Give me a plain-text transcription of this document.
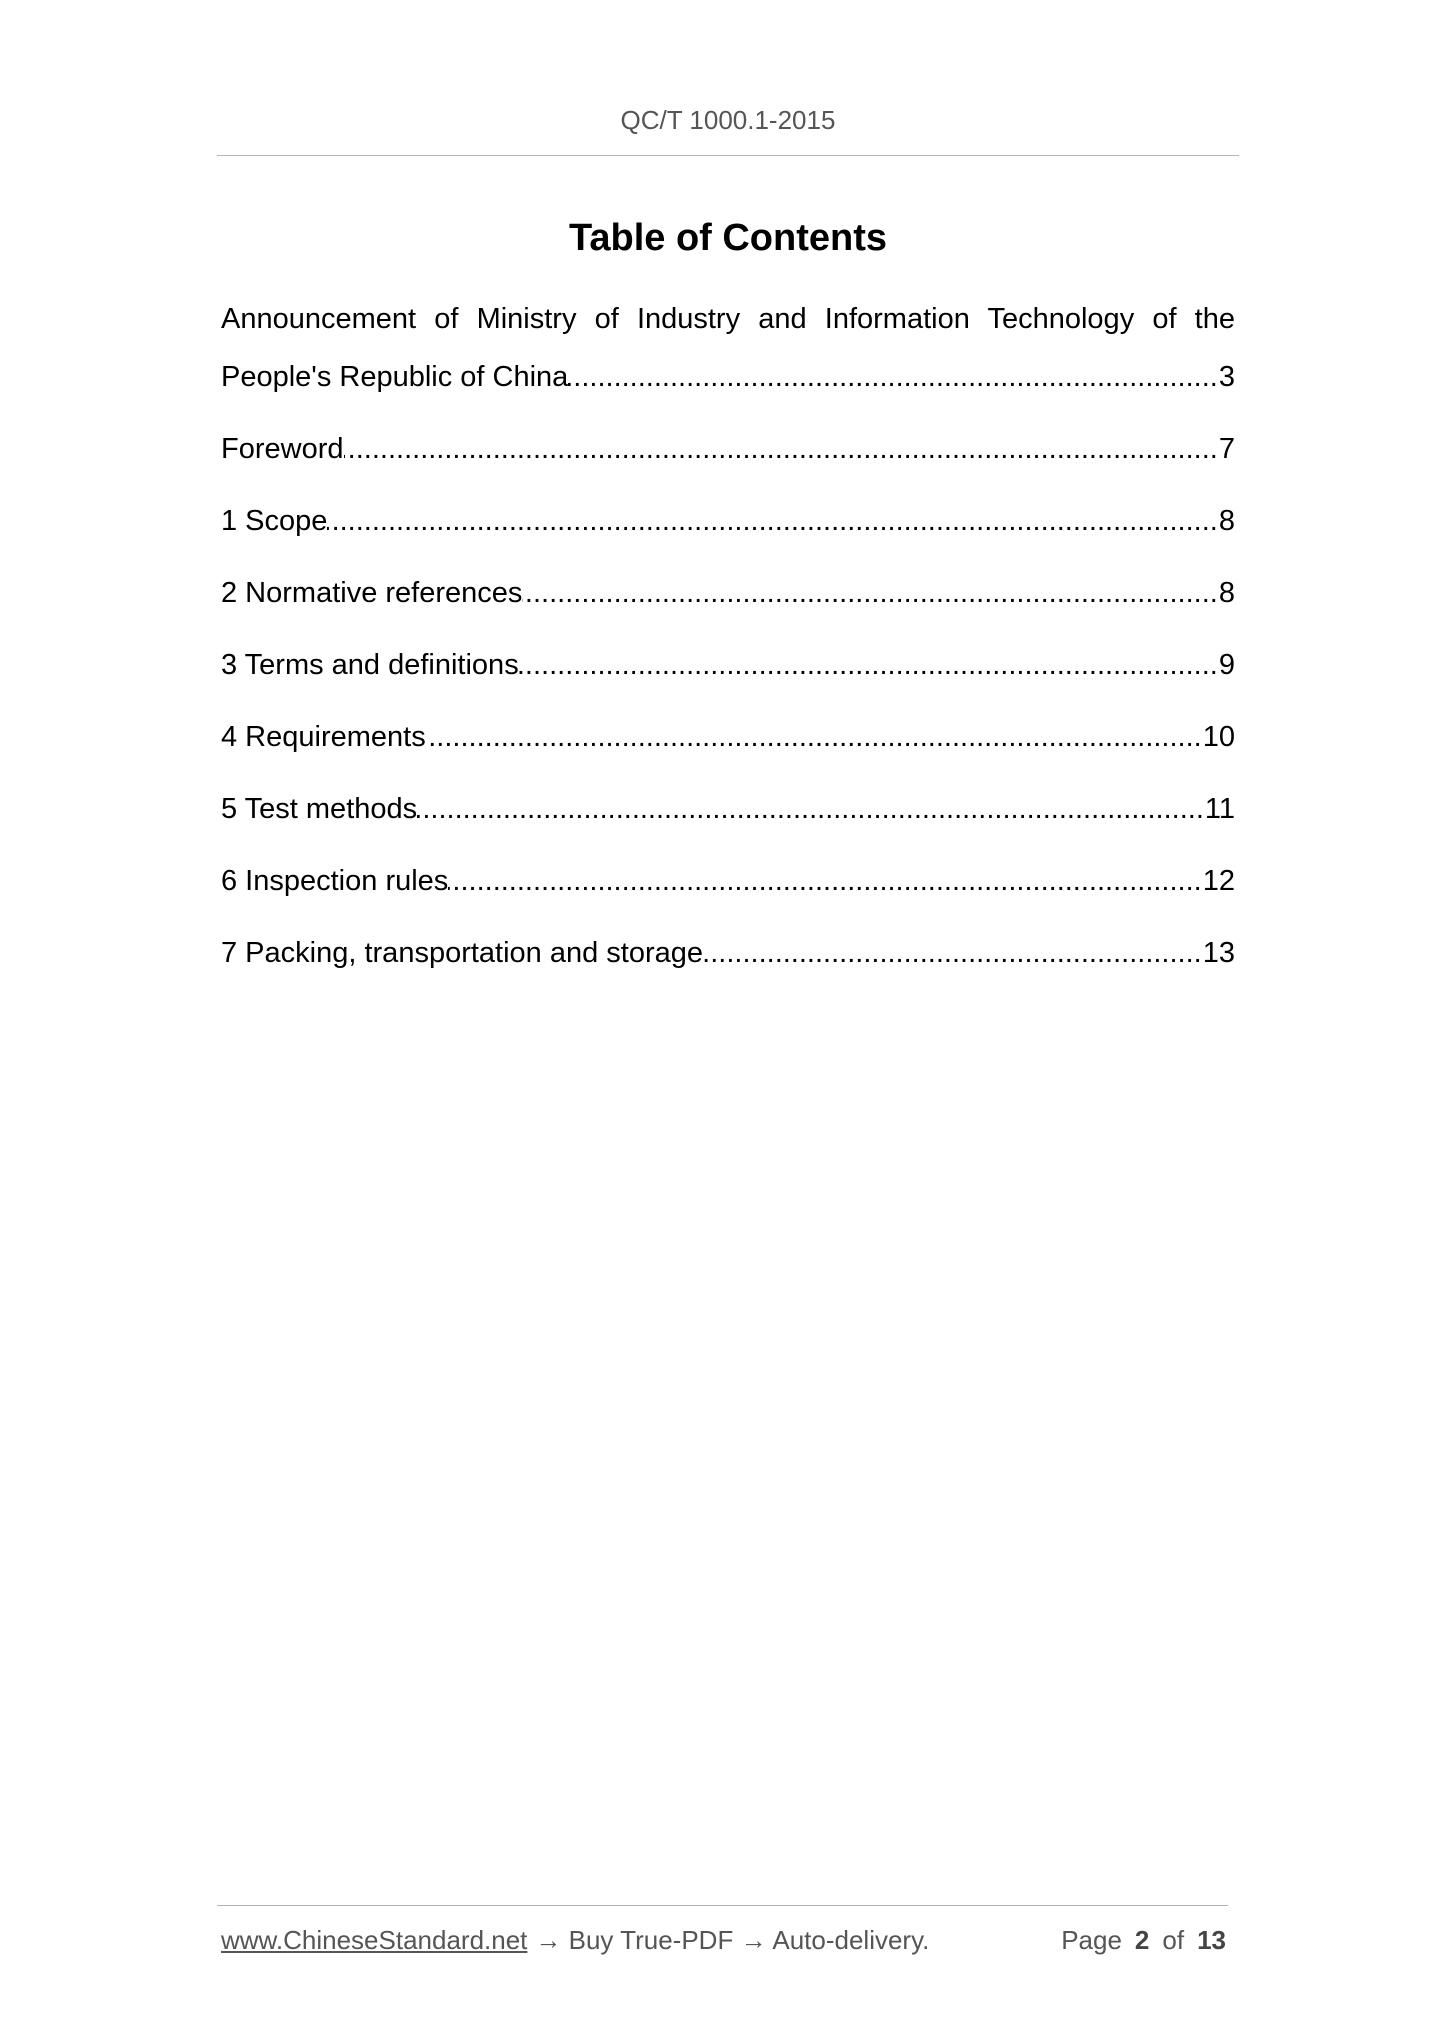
QC/T 1000.1-2015
Table of Contents
Announcement of Ministry of Industry and Information Technology of the
People's Republic of China .....	3
Foreword .....	7
1 Scope .....	8
2 Normative references .....	8
3 Terms and definitions .....	9
4 Requirements .....	10
5 Test methods .....	11
6 Inspection rules .....	12
7 Packing, transportation and storage .....	13
www.ChineseStandard.net → Buy True-PDF → Auto-delivery.	Page 2 of 13
